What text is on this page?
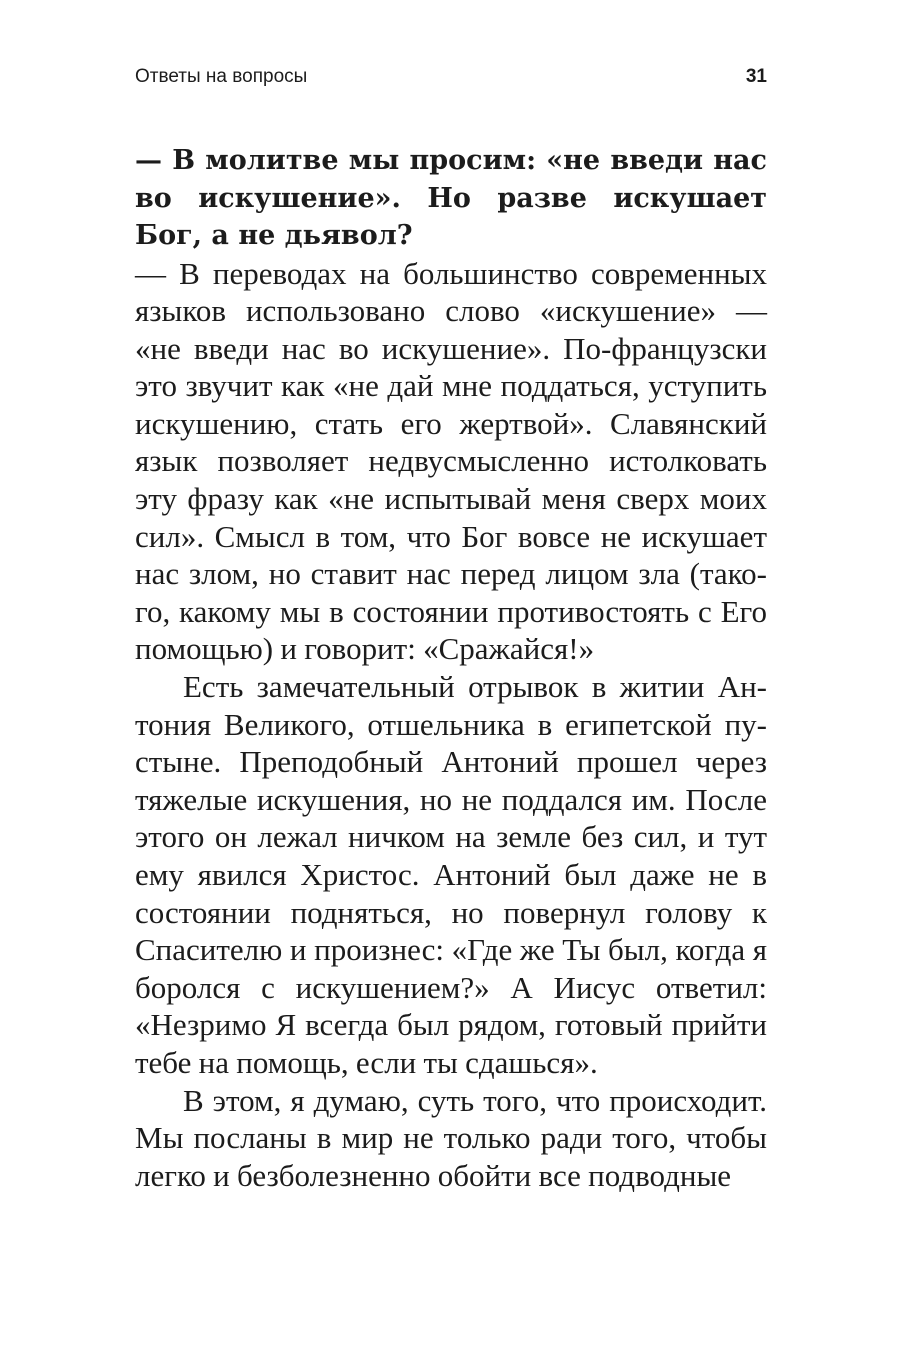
Ответы на вопросы	31

— В молитве мы просим: «не введи нас во искушение». Но разве искушает Бог, а не дьявол?

— В переводах на большинство современных языков использовано слово «искушение» — «не введи нас во искушение». По-французски это звучит как «не дай мне поддаться, уступить искушению, стать его жертвой». Славянский язык позволяет недвусмысленно истолковать эту фразу как «не испытывай меня сверх моих сил». Смысл в том, что Бог вовсе не искушает нас злом, но ставит нас перед лицом зла (такого, какому мы в состоянии противостоять с Его помощью) и говорит: «Сражайся!»

Есть замечательный отрывок в житии Антония Великого, отшельника в египетской пустыне. Преподобный Антоний прошел через тяжелые искушения, но не поддался им. После этого он лежал ничком на земле без сил, и тут ему явился Христос. Антоний был даже не в состоянии подняться, но повернул голову к Спасителю и произнес: «Где же Ты был, когда я боролся с искушением?» А Иисус ответил: «Незримо Я всегда был рядом, готовый прийти тебе на помощь, если ты сдашься».

В этом, я думаю, суть того, что происходит. Мы посланы в мир не только ради того, чтобы легко и безболезненно обойти все подводные
